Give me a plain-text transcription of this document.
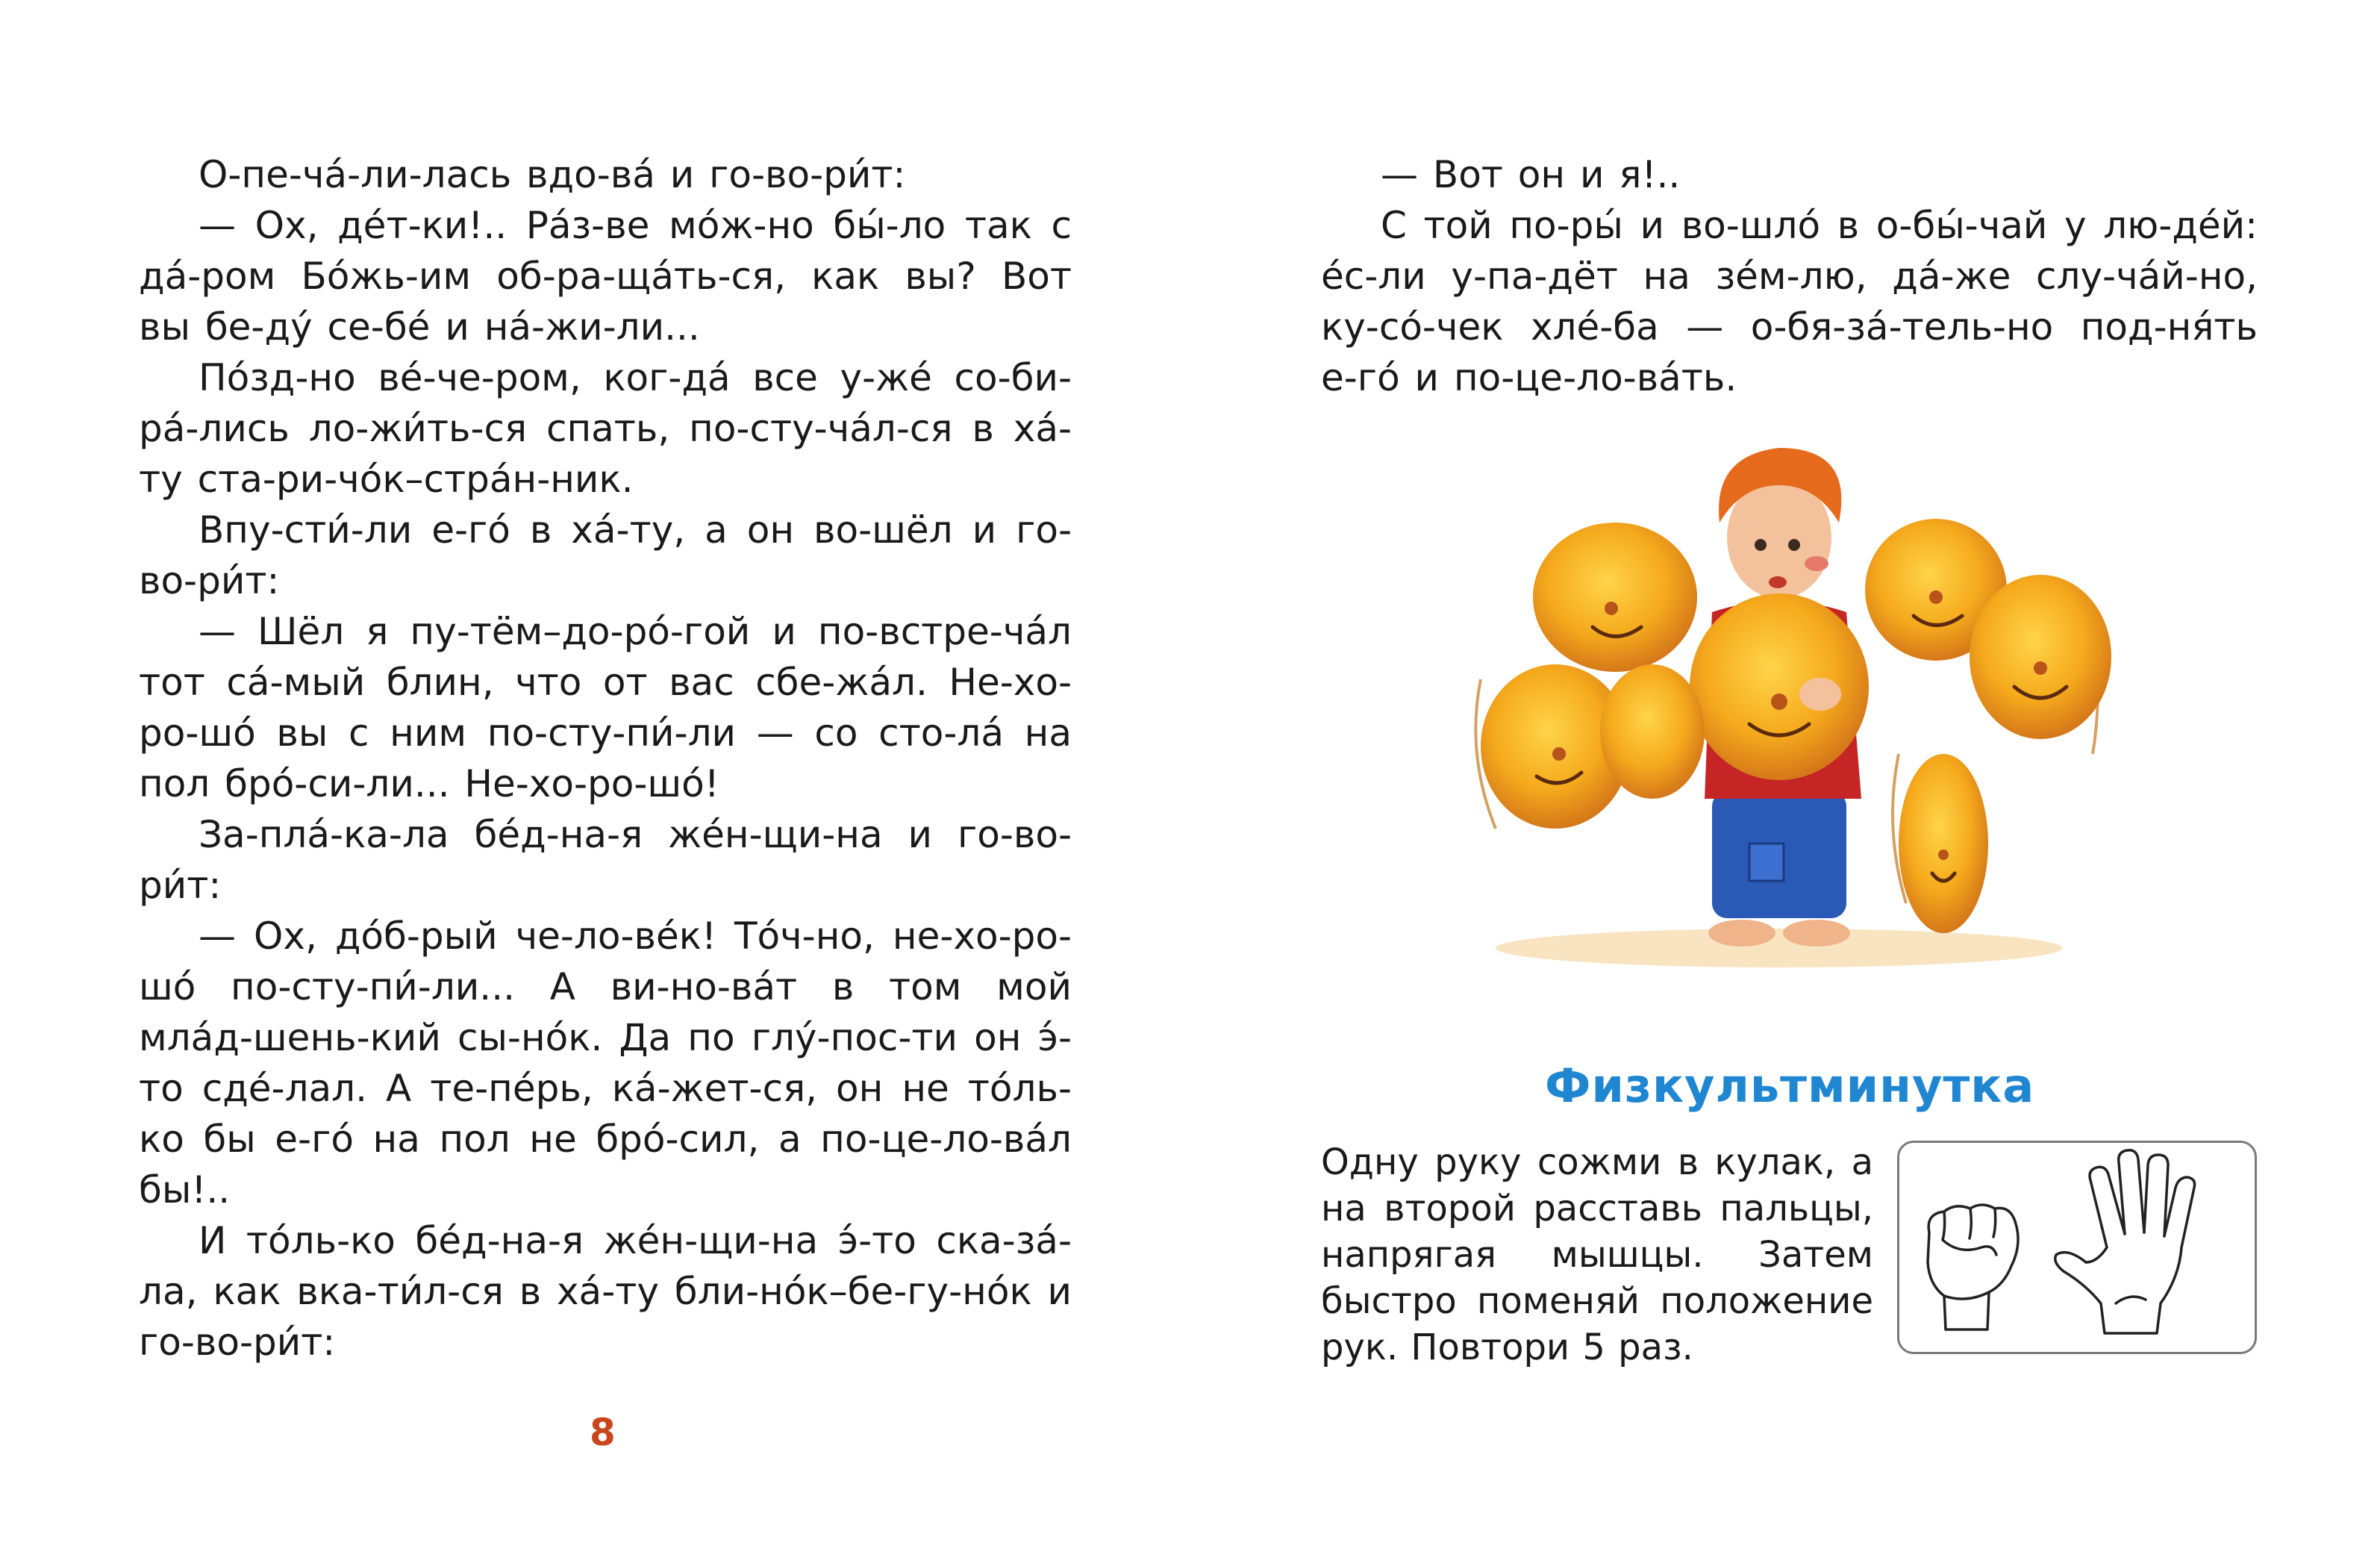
О-пе-ча́-ли-лась вдо-ва́ и го-во-ри́т:

— Ох, де́т-ки!.. Ра́з-ве мо́ж-но бы́-ло так с да́-ром Бо́жь-им об-ра-ща́ть-ся, как вы? Вот вы бе-ду́ се-бе́ и на́-жи-ли...

По́зд-но ве́-че-ром, ког-да́ все у-же́ со-би-ра́-лись ло-жи́ть-ся спать, по-сту-ча́л-ся в ха́-ту ста-ри-чо́к–стра́н-ник.

Впу-сти́-ли е-го́ в ха́-ту, а он во-шёл и го-во-ри́т:

— Шёл я пу-тём–до-ро́-гой и по-встре-ча́л тот са́-мый блин, что от вас сбе-жа́л. Не-хо-ро-шо́ вы с ним по-сту-пи́-ли — со сто-ла́ на пол бро́-си-ли... Не-хо-ро-шо́!

За-пла́-ка-ла бе́д-на-я же́н-щи-на и го-во-ри́т:

— Ох, до́б-рый че-ло-ве́к! То́ч-но, не-хо-ро-шо́ по-сту-пи́-ли... А ви-но-ва́т в том мой мла́д-шень-кий сы-но́к. Да по глу́-пос-ти он э́-то сде́-лал. А те-пе́рь, ка́-жет-ся, он не то́ль-ко бы е-го́ на пол не бро́-сил, а по-це-ло-ва́л бы!..

И то́ль-ко бе́д-на-я же́н-щи-на э́-то ска-за́-ла, как вка-ти́л-ся в ха́-ту бли-но́к–бе-гу-но́к и го-во-ри́т:

8

— Вот он и я!..

С той по-ры́ и во-шло́ в о-бы́-чай у лю-де́й: е́с-ли у-па-дёт на зе́м-лю, да́-же слу-ча́й-но, ку-со́-чек хле́-ба — о-бя-за́-тель-но под-ня́ть е-го́ и по-це-ло-ва́ть.

Физкультминутка

Одну руку сожми в кулак, а на второй расставь пальцы, напрягая мышцы. Затем быстро поменяй положение рук. Повтори 5 раз.
